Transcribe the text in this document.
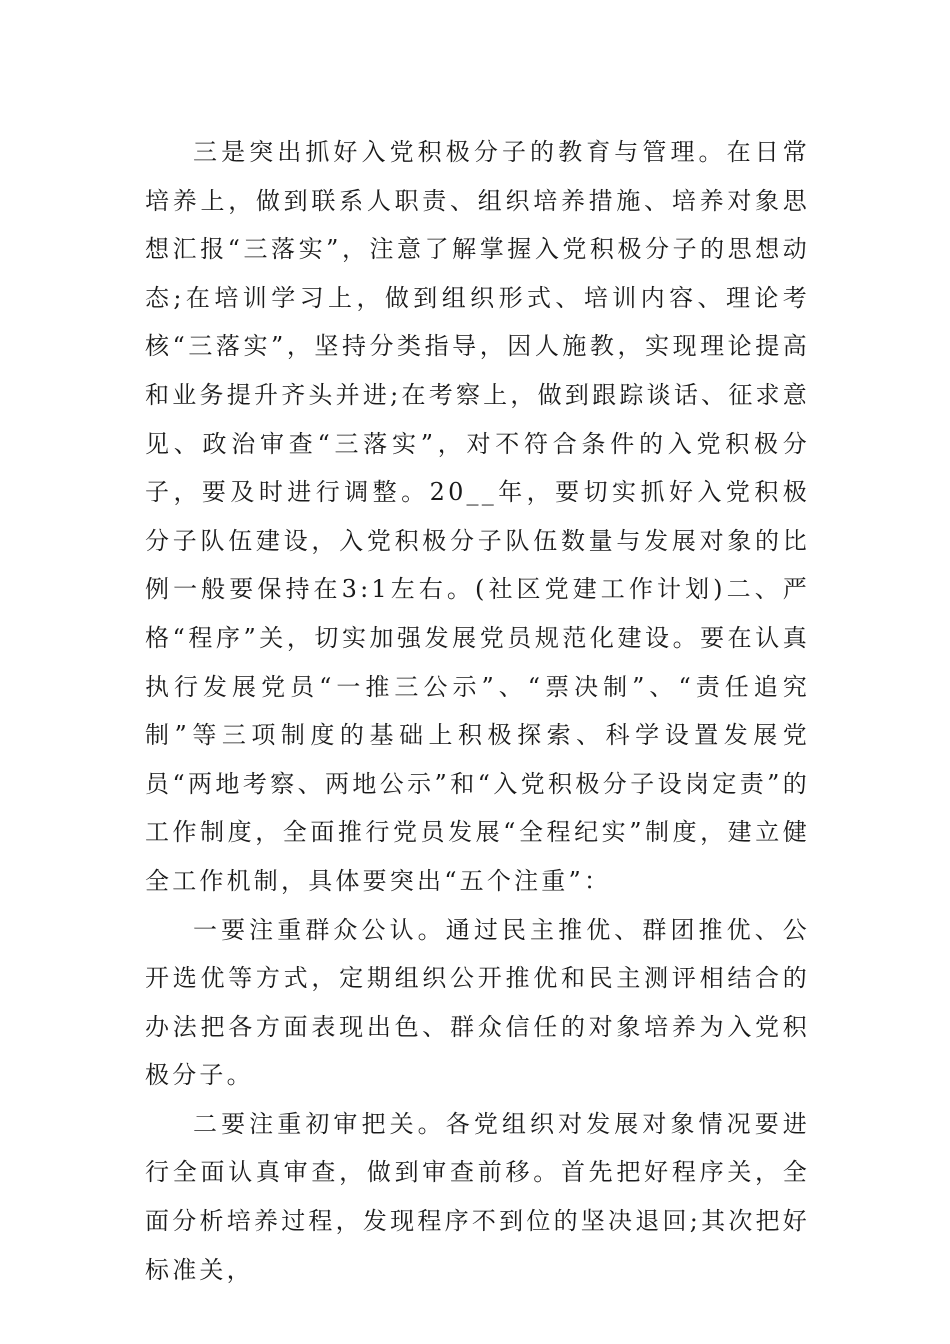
三是突出抓好入党积极分子的教育与管理。在日常培养上，做到联系人职责、组织培养措施、培养对象思想汇报“三落实”，注意了解掌握入党积极分子的思想动态;在培训学习上，做到组织形式、培训内容、理论考核“三落实”，坚持分类指导，因人施教，实现理论提高和业务提升齐头并进;在考察上，做到跟踪谈话、征求意见、政治审查“三落实”，对不符合条件的入党积极分子，要及时进行调整。20__年，要切实抓好入党积极分子队伍建设，入党积极分子队伍数量与发展对象的比例一般要保持在3:1左右。(社区党建工作计划)二、严格“程序”关，切实加强发展党员规范化建设。要在认真执行发展党员“一推三公示”、“票决制”、“责任追究制”等三项制度的基础上积极探索、科学设置发展党员“两地考察、两地公示”和“入党积极分子设岗定责”的工作制度，全面推行党员发展“全程纪实”制度，建立健全工作机制，具体要突出“五个注重”：

一要注重群众公认。通过民主推优、群团推优、公开选优等方式，定期组织公开推优和民主测评相结合的办法把各方面表现出色、群众信任的对象培养为入党积极分子。

二要注重初审把关。各党组织对发展对象情况要进行全面认真审查，做到审查前移。首先把好程序关，全面分析培养过程，发现程序不到位的坚决退回;其次把好标准关，
